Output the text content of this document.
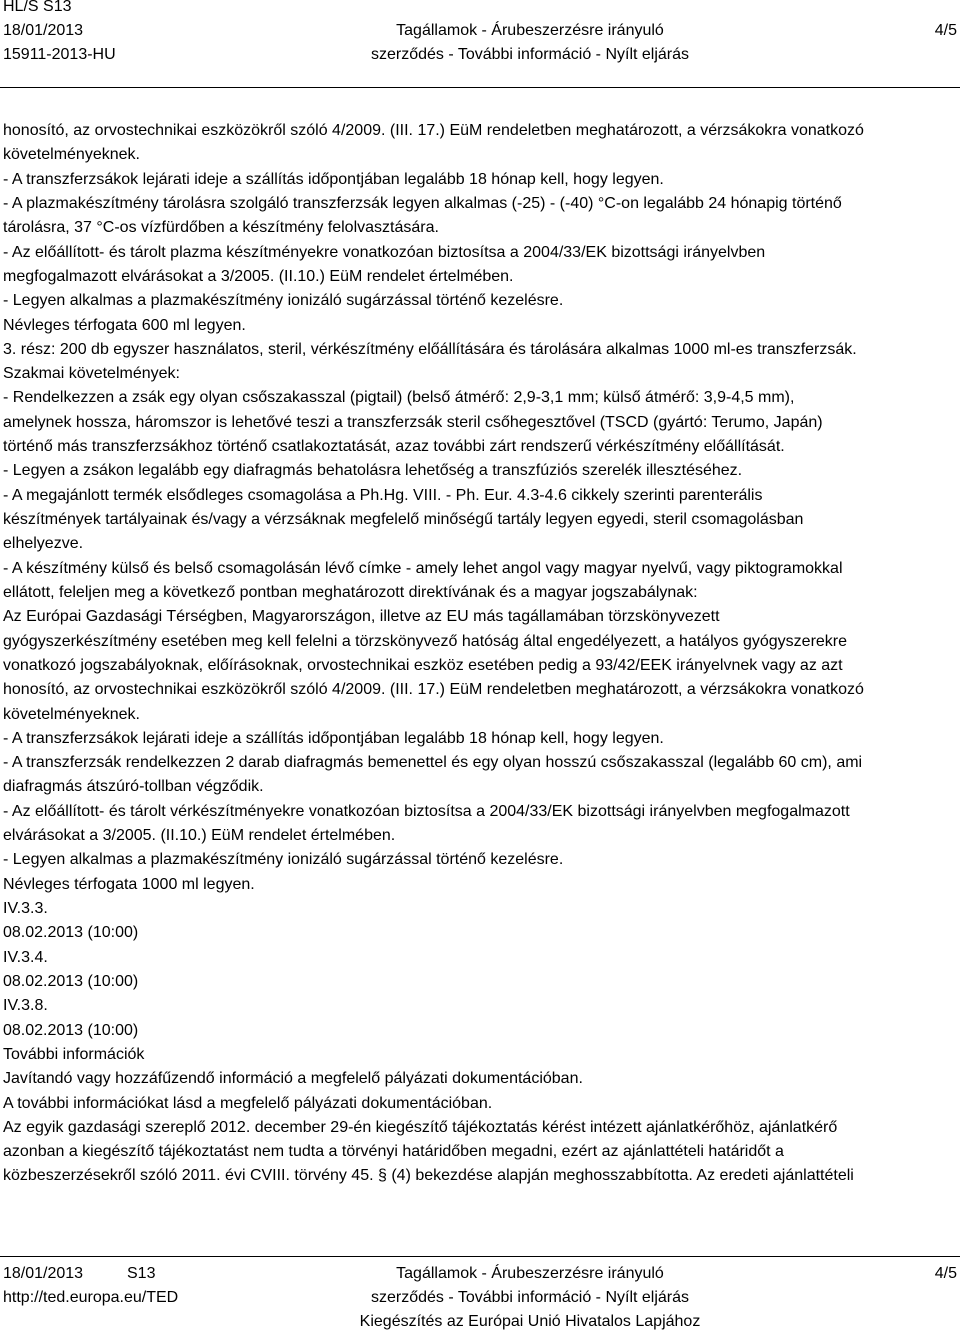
HL/S S13
18/01/2013
15911-2013-HU
Tagállamok - Árubeszerzésre irányuló
szerződés - További információ - Nyílt eljárás
4/5
honosító, az orvostechnikai eszközökről szóló 4/2009. (III. 17.) EüM rendeletben meghatározott, a vérzsákokra vonatkozó
követelményeknek.
- A transzferzsákok lejárati ideje a szállítás időpontjában legalább 18 hónap kell, hogy legyen.
- A plazmakészítmény tárolásra szolgáló transzferzsák legyen alkalmas (-25) - (-40) °C-on legalább 24 hónapig történő
tárolásra, 37 °C-os vízfürdőben a készítmény felolvasztására.
- Az előállított- és tárolt plazma készítményekre vonatkozóan biztosítsa a 2004/33/EK bizottsági irányelvben
megfogalmazott elvárásokat a 3/2005. (II.10.) EüM rendelet értelmében.
- Legyen alkalmas a plazmakészítmény ionizáló sugárzással történő kezelésre.
Névleges térfogata 600 ml legyen.
3. rész: 200 db egyszer használatos, steril, vérkészítmény előállítására és tárolására alkalmas 1000 ml-es transzferzsák.
Szakmai követelmények:
- Rendelkezzen a zsák egy olyan csőszakasszal (pigtail) (belső átmérő: 2,9-3,1 mm; külső átmérő: 3,9-4,5 mm),
amelynek hossza, háromszor is lehetővé teszi a transzferzsák steril csőhegesztővel (TSCD (gyártó: Terumo, Japán)
történő más transzferzsákhoz történő csatlakoztatását, azaz további zárt rendszerű vérkészítmény előállítását.
- Legyen a zsákon legalább egy diafragmás behatolásra lehetőség a transzfúziós szerelék illesztéséhez.
- A megajánlott termék elsődleges csomagolása a Ph.Hg. VIII. - Ph. Eur. 4.3-4.6 cikkely szerinti parenterális
készítmények tartályainak és/vagy a vérzsáknak megfelelő minőségű tartály legyen egyedi, steril csomagolásban
elhelyezve.
- A készítmény külső és belső csomagolásán lévő címke - amely lehet angol vagy magyar nyelvű, vagy piktogramokkal
ellátott, feleljen meg a következő pontban meghatározott direktívának és a magyar jogszabálynak:
Az Európai Gazdasági Térségben, Magyarországon, illetve az EU más tagállamában törzskönyvezett
gyógyszerkészítmény esetében meg kell felelni a törzskönyvező hatóság által engedélyezett, a hatályos gyógyszerekre
vonatkozó jogszabályoknak, előírásoknak, orvostechnikai eszköz esetében pedig a 93/42/EEK irányelvnek vagy az azt
honosító, az orvostechnikai eszközökről szóló 4/2009. (III. 17.) EüM rendeletben meghatározott, a vérzsákokra vonatkozó
követelményeknek.
- A transzferzsákok lejárati ideje a szállítás időpontjában legalább 18 hónap kell, hogy legyen.
- A transzferzsák rendelkezzen 2 darab diafragmás bemenettel és egy olyan hosszú csőszakasszal (legalább 60 cm), ami
diafragmás átszúró-tollban végződik.
- Az előállított- és tárolt vérkészítményekre vonatkozóan biztosítsa a 2004/33/EK bizottsági irányelvben megfogalmazott
elvárásokat a 3/2005. (II.10.) EüM rendelet értelmében.
- Legyen alkalmas a plazmakészítmény ionizáló sugárzással történő kezelésre.
Névleges térfogata 1000 ml legyen.
IV.3.3.
08.02.2013 (10:00)
IV.3.4.
08.02.2013 (10:00)
IV.3.8.
08.02.2013 (10:00)
További információk
Javítandó vagy hozzáfűzendő információ a megfelelő pályázati dokumentációban.
A további információkat lásd a megfelelő pályázati dokumentációban.
Az egyik gazdasági szereplő 2012. december 29-én kiegészítő tájékoztatás kérést intézett ajánlatkérőhöz, ajánlatkérő
azonban a kiegészítő tájékoztatást nem tudta a törvényi határidőben megadni, ezért az ajánlattételi határidőt a
közbeszerzésekről szóló 2011. évi CVIII. törvény 45. § (4) bekezdése alapján meghosszabbította. Az eredeti ajánlattételi
18/01/2013
http://ted.europa.eu/TED
S13	Tagállamok - Árubeszerzésre irányuló
szerződés - További információ - Nyílt eljárás
Kiegészítés az Európai Unió Hivatalos Lapjához
4/5
